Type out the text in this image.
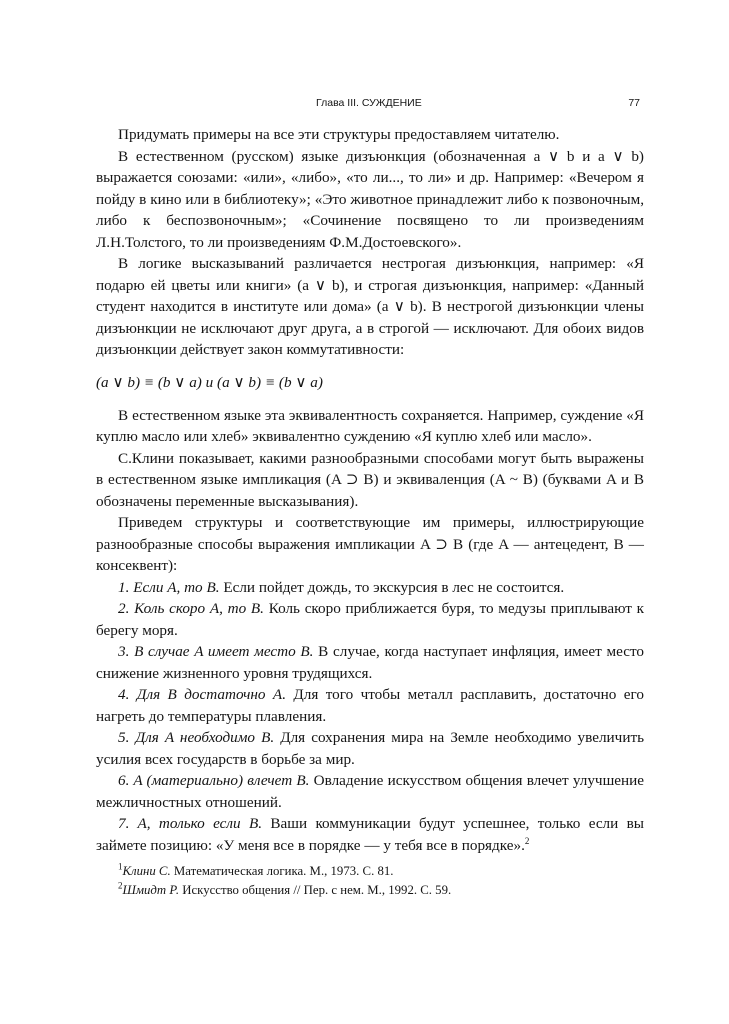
Глава III. СУЖДЕНИЕ	77

Придумать примеры на все эти структуры предоставляем читателю.

В естественном (русском) языке дизъюнкция (обозначенная a ∨ b и a ∨ b) выражается союзами: «или», «либо», «то ли..., то ли» и др. Например: «Вечером я пойду в кино или в библиотеку»; «Это животное принадлежит либо к позвоночным, либо к беспозвоночным»; «Сочинение посвящено то ли произведениям Л.Н.Толстого, то ли произведениям Ф.М.Достоевского».

В логике высказываний различается нестрогая дизъюнкция, например: «Я подарю ей цветы или книги» (a ∨ b), и строгая дизъюнкция, например: «Данный студент находится в институте или дома» (a ∨ b). В нестрогой дизъюнкции члены дизъюнкции не исключают друг друга, а в строгой — исключают. Для обоих видов дизъюнкции действует закон коммутативности:

(a ∨ b) ≡ (b ∨ a) и (a ∨ b) ≡ (b ∨ a)

В естественном языке эта эквивалентность сохраняется. Например, суждение «Я куплю масло или хлеб» эквивалентно суждению «Я куплю хлеб или масло».

С.Клини показывает, какими разнообразными способами могут быть выражены в естественном языке импликация (A ⊃ B) и эквиваленция (A ~ B) (буквами A и B обозначены переменные высказывания).

Приведем структуры и соответствующие им примеры, иллюстрирующие разнообразные способы выражения импликации A ⊃ B (где A — антецедент, B — консеквент):

1. Если A, то B. Если пойдет дождь, то экскурсия в лес не состоится.

2. Коль скоро A, то B. Коль скоро приближается буря, то медузы приплывают к берегу моря.

3. В случае A имеет место B. В случае, когда наступает инфляция, имеет место снижение жизненного уровня трудящихся.

4. Для B достаточно A. Для того чтобы металл расплавить, достаточно его нагреть до температуры плавления.

5. Для A необходимо B. Для сохранения мира на Земле необходимо увеличить усилия всех государств в борьбе за мир.

6. A (материально) влечет B. Овладение искусством общения влечет улучшение межличностных отношений.

7. A, только если B. Ваши коммуникации будут успешнее, только если вы займете позицию: «У меня все в порядке — у тебя все в порядке».$^2$

$^1$Клини С. Математическая логика. М., 1973. С. 81.

$^2$Шмидт Р. Искусство общения // Пер. с нем. М., 1992. С. 59.
